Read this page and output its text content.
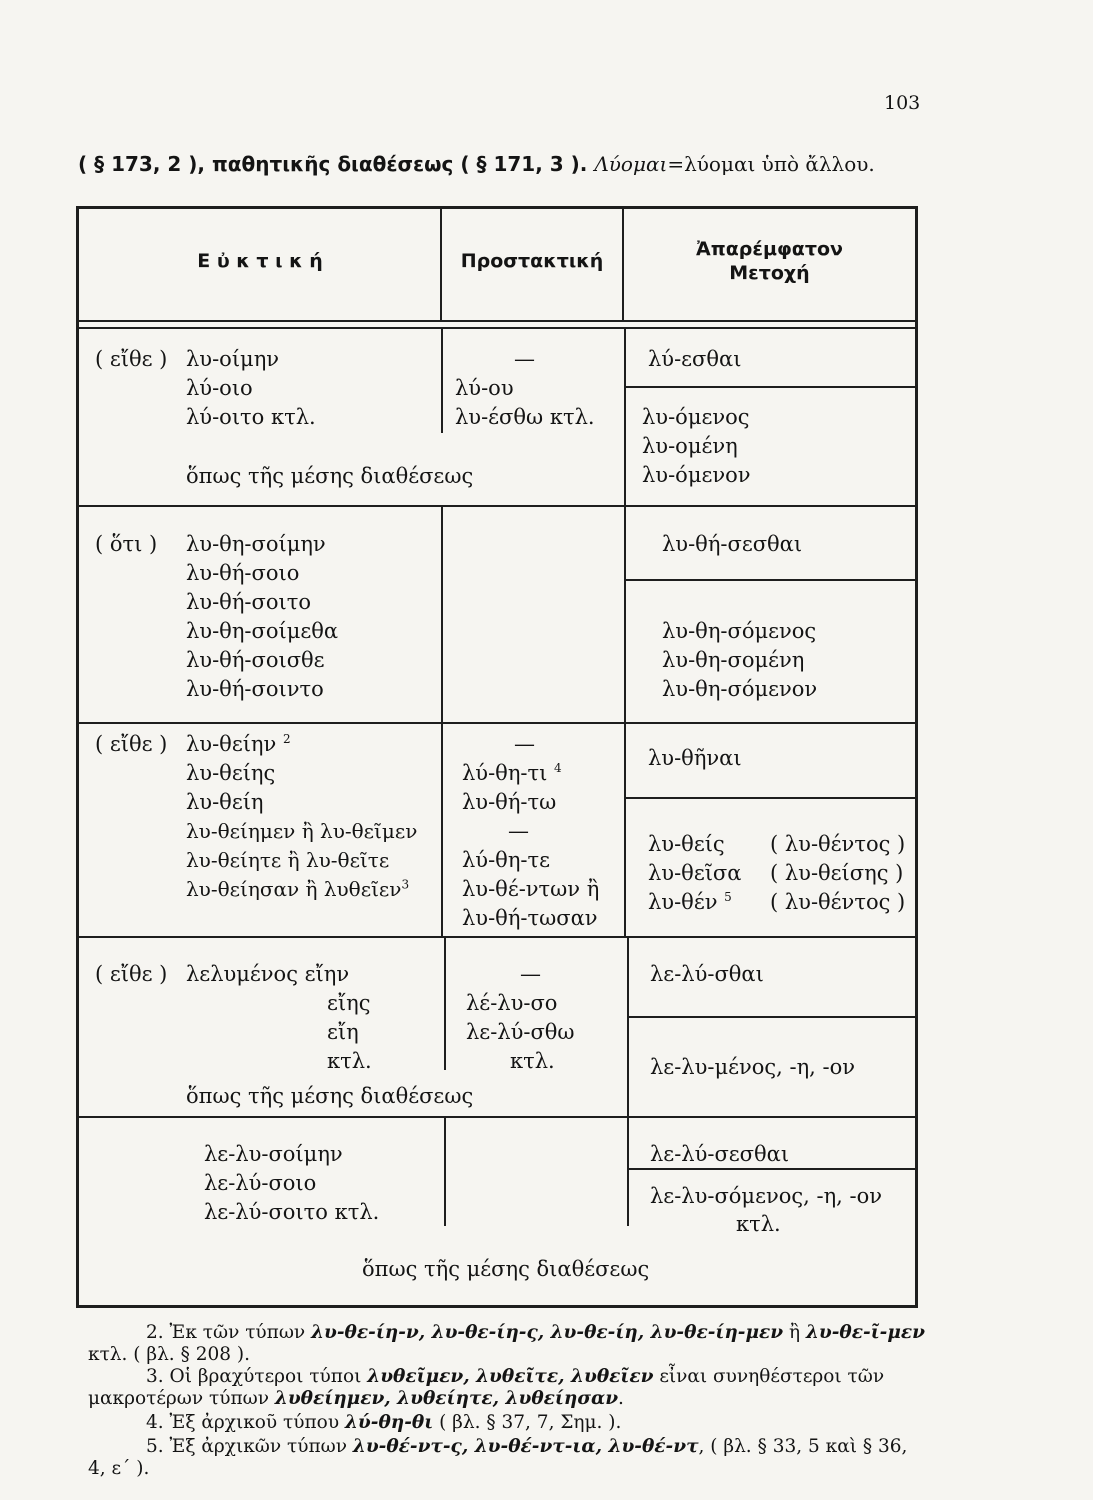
103
( § 173, 2 ), παθητικῆς διαθέσεως ( § 171, 3 ). Λύομαι=λύομαι ὑπὸ ἄλλου.
Ε ὐ κ τ ι κ ή	Προστακτική
Ἀπαρέμφατον
Μετοχή
( εἴθε ) λυ-οίμην
λύ-οιο
λύ-οιτο κτλ.
—
λύ-ου
λυ-έσθω κτλ.
ὅπως τῆς μέσης διαθέσεως
λύ-εσθαι
λυ-όμενος
λυ-ομένη
λυ-όμενον
( ὅτι ) λυ-θη-σοίμην
λυ-θή-σοιο
λυ-θή-σοιτο
λυ-θη-σοίμεθα
λυ-θή-σοισθε
λυ-θή-σοιντο
λυ-θή-σεσθαι
λυ-θη-σόμενος
λυ-θη-σομένη
λυ-θη-σόμενον
( εἴθε ) λυ-θείην $^2$
λυ-θείης
λυ-θείη
λυ-θείημεν ἢ λυ-θεῖμεν
λυ-θείητε ἢ λυ-θεῖτε
λυ-θείησαν ἢ λυθεῖεν$^3$
—
λύ-θη-τι $^4$
λυ-θή-τω
—
λύ-θη-τε
λυ-θέ-ντων ἢ
λυ-θή-τωσαν
λυ-θῆναι
λυ-θείς
λυ-θεῖσα
λυ-θέν $^5$
( λυ-θέντος )
( λυ-θείσης )
( λυ-θέντος )
( εἴθε ) λελυμένος εἴην
εἴης
εἴη
κτλ.
—
λέ-λυ-σο
λε-λύ-σθω
κτλ.
ὅπως τῆς μέσης διαθέσεως
λε-λύ-σθαι
λε-λυ-μένος, -η, -ον
λε-λυ-σοίμην
λε-λύ-σοιο
λε-λύ-σοιτο κτλ.
λε-λύ-σεσθαι
λε-λυ-σόμενος, -η, -ον
κτλ.
ὅπως τῆς μέσης διαθέσεως
2. Ἐκ τῶν τύπων λυ-θε-ίη-ν, λυ-θε-ίη-ς, λυ-θε-ίη, λυ-θε-ίη-μεν ἢ λυ-θε-ῖ-μεν κτλ. ( βλ. § 208 ).
3. Οἱ βραχύτεροι τύποι λυθεῖμεν, λυθεῖτε, λυθεῖεν εἶναι συνηθέστεροι τῶν μακροτέρων τύπων λυθείημεν, λυθείητε, λυθείησαν.
4. Ἐξ ἀρχικοῦ τύπου λύ-θη-θι ( βλ. § 37, 7, Σημ. ).
5. Ἐξ ἀρχικῶν τύπων λυ-θέ-ντ-ς, λυ-θέ-ντ-ια, λυ-θέ-ντ, ( βλ. § 33, 5 καὶ § 36, 4, ε΄ ).
